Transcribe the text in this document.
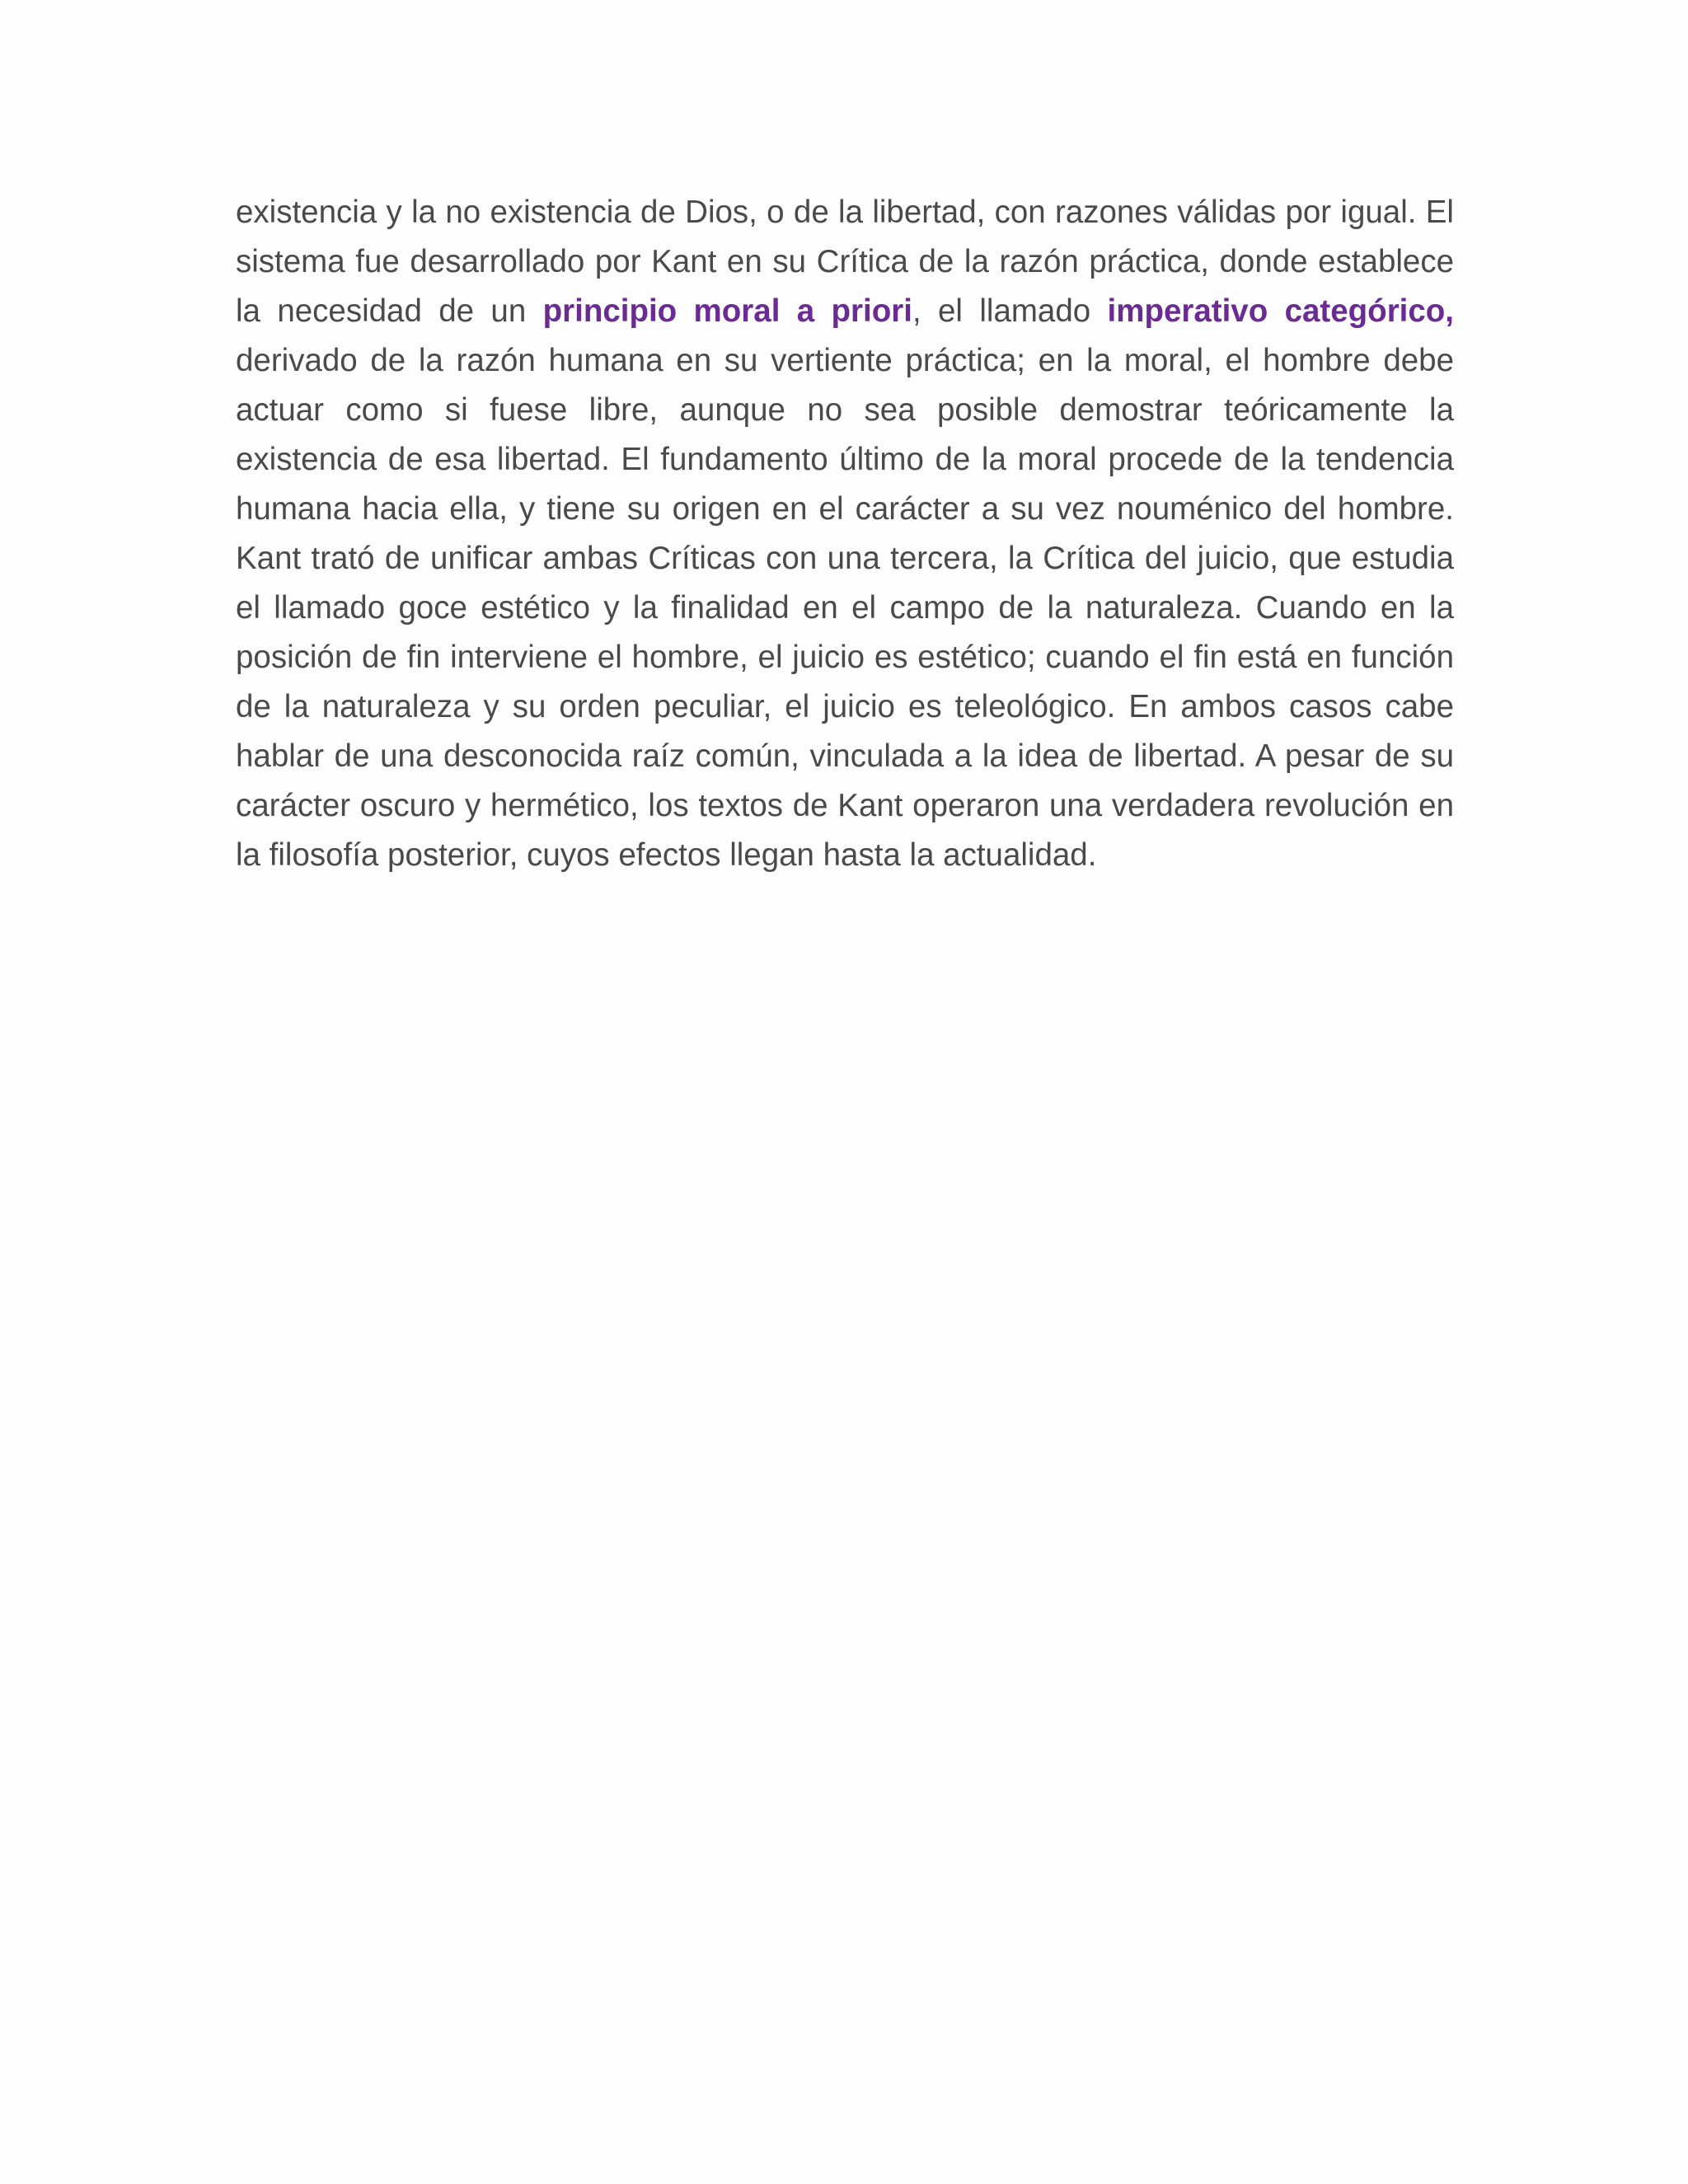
existencia y la no existencia de Dios, o de la libertad, con razones válidas por igual. El sistema fue desarrollado por Kant en su Crítica de la razón práctica, donde establece la necesidad de un principio moral a priori, el llamado imperativo categórico, derivado de la razón humana en su vertiente práctica; en la moral, el hombre debe actuar como si fuese libre, aunque no sea posible demostrar teóricamente la existencia de esa libertad. El fundamento último de la moral procede de la tendencia humana hacia ella, y tiene su origen en el carácter a su vez nouménico del hombre. Kant trató de unificar ambas Críticas con una tercera, la Crítica del juicio, que estudia el llamado goce estético y la finalidad en el campo de la naturaleza. Cuando en la posición de fin interviene el hombre, el juicio es estético; cuando el fin está en función de la naturaleza y su orden peculiar, el juicio es teleológico. En ambos casos cabe hablar de una desconocida raíz común, vinculada a la idea de libertad. A pesar de su carácter oscuro y hermético, los textos de Kant operaron una verdadera revolución en la filosofía posterior, cuyos efectos llegan hasta la actualidad.
